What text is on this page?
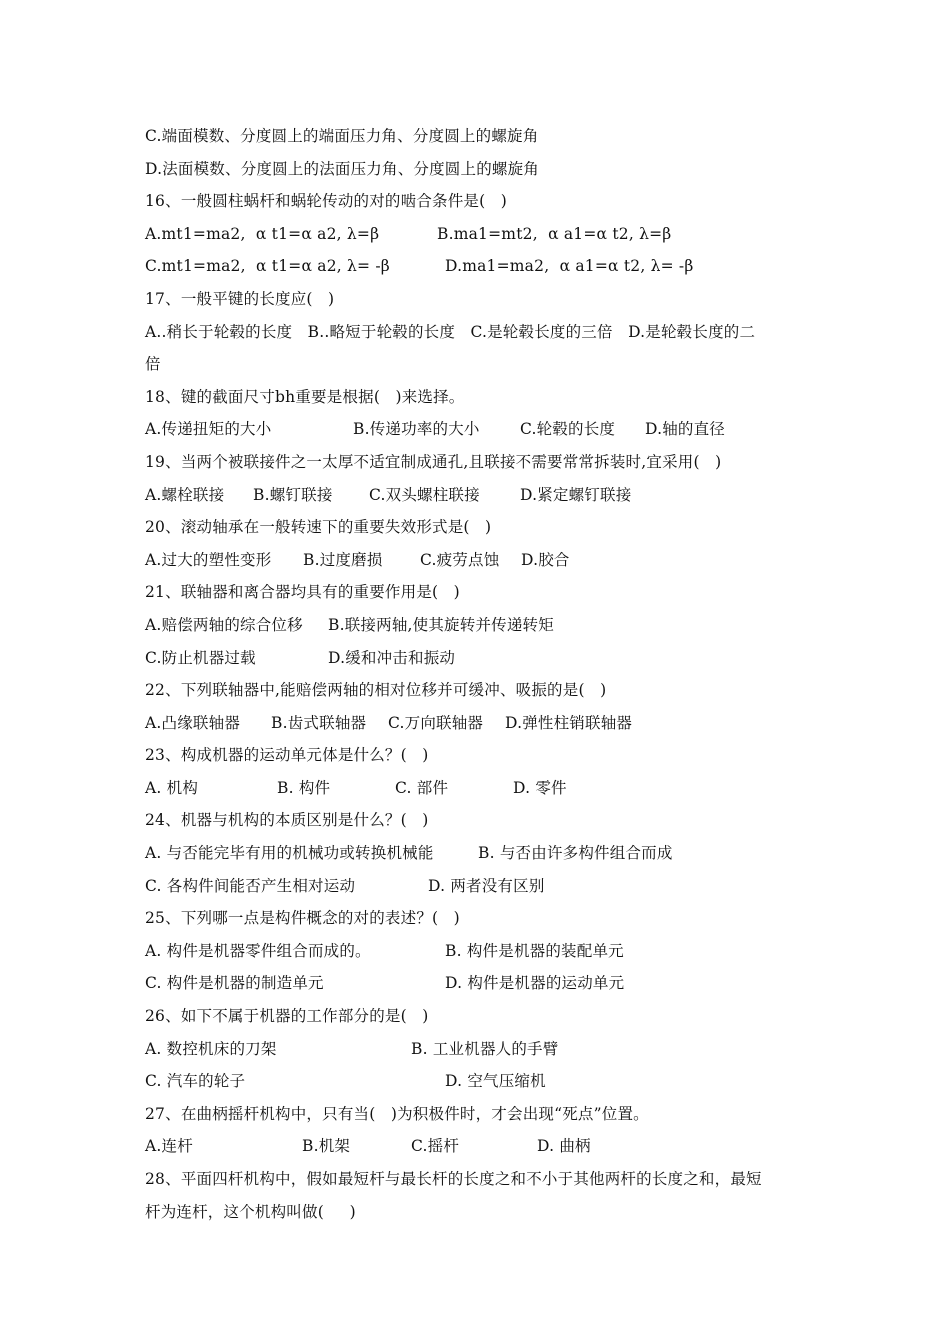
C.端面模数、分度圆上的端面压力角、分度圆上的螺旋角
D.法面模数、分度圆上的法面压力角、分度圆上的螺旋角
16、一般圆柱蜗杆和蜗轮传动的对的啮合条件是(   )
A.mt1=ma2,  α t1=α a2, λ=β	B.ma1=mt2,  α a1=α t2, λ=β
C.mt1=ma2,  α t1=α a2, λ= -β	D.ma1=ma2,  α a1=α t2, λ= -β
17、一般平键的长度应(   )
A..稍长于轮毂的长度   B..略短于轮毂的长度   C.是轮毂长度的三倍   D.是轮毂长度的二
倍
18、键的截面尺寸bh重要是根据(   )来选择。
A.传递扭矩的大小	B.传递功率的大小	C.轮毂的长度	D.轴的直径
19、当两个被联接件之一太厚不适宜制成通孔,且联接不需要常常拆装时,宜采用(   )
A.螺栓联接	B.螺钉联接	C.双头螺柱联接	D.紧定螺钉联接
20、滚动轴承在一般转速下的重要失效形式是(   )
A.过大的塑性变形	B.过度磨损	C.疲劳点蚀	D.胶合
21、联轴器和离合器均具有的重要作用是(   )
A.赔偿两轴的综合位移	B.联接两轴,使其旋转并传递转矩
C.防止机器过载	D.缓和冲击和振动
22、下列联轴器中,能赔偿两轴的相对位移并可缓冲、吸振的是(   )
A.凸缘联轴器	B.齿式联轴器	C.万向联轴器	D.弹性柱销联轴器
23、构成机器的运动单元体是什么？(   )
A. 机构	B. 构件	C. 部件	D. 零件
24、机器与机构的本质区别是什么？(   )
A. 与否能完毕有用的机械功或转换机械能	B. 与否由许多构件组合而成
C. 各构件间能否产生相对运动	D. 两者没有区别
25、下列哪一点是构件概念的对的表述？(   )
A. 构件是机器零件组合而成的。	B. 构件是机器的装配单元
C. 构件是机器的制造单元	D. 构件是机器的运动单元
26、如下不属于机器的工作部分的是(   )
A. 数控机床的刀架	B. 工业机器人的手臂
C. 汽车的轮子	D. 空气压缩机
27、在曲柄摇杆机构中，只有当(   )为积极件时，才会出现“死点”位置。
A.连杆	B.机架	C.摇杆	D. 曲柄
28、平面四杆机构中，假如最短杆与最长杆的长度之和不小于其他两杆的长度之和，最短
杆为连杆，这个机构叫做(     )
